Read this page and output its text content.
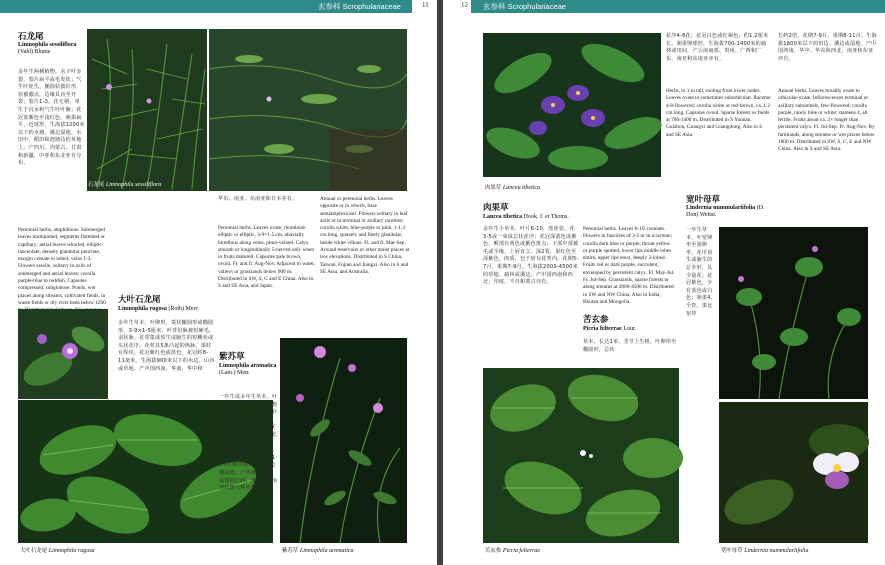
玄参科 Scrophulariaceae	11
石龙尾
Limnophila sessiliflora (Vahl) Blume
多年生两栖植物。水下叶多裂，裂片扁平或毛发状；气生叶轮生，椭圆状披针形，密被腺点，边缘具齿至开裂；裂片1-3，花无柄，单生于沉水和气生叶叶腋；花冠蓝紫色至浅红色。蒴果扁平，近球形。生海拔1200米以下的水塘、溪边湿地、水田中，稻田和池塘边的草地上。产四川、内蒙古、甘肃和新疆，中亚和东北亚有分布。
Perennial herbs, amphibious. Submerged leaves multiparted, segments flattened or capillary; aerial leaves whorled, elliptic-lanceolate, densely glandular punctate, margin crenate to lobed; veins 1-3. Flowers sessile, solitary in axils of submerged and aerial leaves; corolla purple-blue to reddish. Capsules compressed, subglobose. Ponds, wet places along streams, cultivated fields, in waste fields or dry river beds below 1200
石龙尾 Limnophila sessiliflora
华东、南亚、东南亚和日本亦有。
Perennial herbs. Leaves ovate, rhomboid-elliptic or elliptic, 3-9×1-5 cm, abaxially hirtellous along veins, pinni-veined. Calyx smooth or longitudinally 5-nerved only when in fruits matured. Capsules pale brown, ovoid. Fl. and fr. Aug-Nov. Adjacent to water, valleys or grasslands below 900 m. Distributed in SW, S, C and E China. Also in S and SE Asia, and Japan.
Annual or perennial herbs. Leaves opposite or in whorls, base semiamplexicaul. Flowers solitary in leaf axils or in terminal or axillary racemes; corolla white, blue-purple or pink, 1-1.3 cm long, sparsely and finely glandular, inside white villous. Fl. and fr. Mar-Sep. Around reservoirs or other moist places at low elevations. Distributed in S China, Taiwan, Fujian and Jiangxi. Also in S and SE Asia, and Australia.
大叶石龙尾
Limnophila rugosa (Roth) Merr.
多年生草本。叶卵形，菱状椭圆形或椭圆形，3-9×1-5厘米，叶背沿脉被短硬毛，羽状脉。花常集成顶生或腋生的短穗状或头状花序，花萼具5条凸起的纵脉，果时有纵纹。花冠紫红色或蓝色，花冠约8-11毫米。生海拔900米以下的水边、山谷或草地。产中国西南、华南、华中和
大叶石龙尾 Limnophila rugosa
紫苏草
Limnophila aromatica (Lam.) Merr.
一年生或多年生草本，叶对生或近轮生，基部半抱茎，无柄；叶片卵状披针形或椭圆状披针形，1-1.3厘米，花单生或排成顶生的总状花序；花梗长于花萼；萼筒长约4毫米；花冠白色或带紫色。蒴果卵球状。生于海拔1-5米的稻田和湿地或水边潮湿地。产华南、台湾、福建和江西。南亚、东南亚和澳大利亚有分布。
紫苏草 Limnophila aromatica
玄参科 Scrophulariaceae
12
肉果草 Lancea tibetica
花序4-8花；花冠白色或红褐色，约1.2厘米长。蒴果卵球形，生海拔700-1400米的疏林或田间，产云南南部、贵州、广西和广东，南亚和东南亚亦有。
Herbs, to 1 m tall, rooting from lower nodes. Leaves ovate to sometimes suborbicular. Raceme 4-8-flowered; corolla white or red-brown, ca. 1.2 cm long. Capsules ovoid. Sparse forests or fields at 700-1400 m. Distributed in S Yunnan, Guizhou, Guangxi and Guangdong. Also in S and SE Asia.
长约2倍。花期7-9月，果期8-11月。生海拔1800米以下的田边、溪边或湿地。产中国西南、华中、华东和西北，南亚和东亚亦有。
Annual herbs. Leaves broadly ovate to orbicular-ovate. Inflorescences terminal or axillary subumbels, few-flowered; corolla purple, rarely blue or white; stamens 4, all fertile. Fruits about ca. 2× longer than persistent calyx. Fl. Jul-Sep. Fr. Aug-Nov. By farmlands, along streams or wet places below 1800 m. Distributed in SW, S, C, E and NW China. Also in S and SE Asia.
肉果草
Lancea tibetica Hook. f. et Thoms.
多年生小草本，叶片6-10，莲座状，花3-5或一束成总状花序；花冠深蓝色或紫色，喉部有黄色或紫色斑点；下部中部被毛或全缘，上唇直立，深2裂，果红色至深紫色，肉质，包于宿存花萼内。花期5-7月，果期7-9月。生海拔2000-4500米的草地、疏林或溪边。产中国西南和西北，印度、不丹和蒙古亦有。
Perennial herbs. Leaves 6-10, rosulate. Flowers in fascicles of 3-5 or in a raceme; corolla dark blue or purple, throat yellow or purple spotted; lower lips middle lobes entire, upper lips erect, deeply 2-lobed. Fruits red or dark purple, succulent, enveloped by persistent calyx. Fl. May-Jul. Fr. Jul-Sep. Grasslands, sparse forests or along streams at 2000-4500 m. Distributed in SW and NW China. Also in India, Bhutan and Mongolia.
苦玄参
Picria felterrae Lour.
草本，长达1米，茎节上生根，叶卵形至椭圆形，总状
苦玄参 Picria felterrae
宽叶母草
Lindernia nummulariifolia (D. Don) Wettst.
一年生草本，叶宽卵形至圆卵形，花序顶生或腋生的总伞形，具少量花；花冠紫色，少有蓝色或白色；蒴果4，全育。果比宿萼
宽叶母草 Lindernia nummulariifolia
